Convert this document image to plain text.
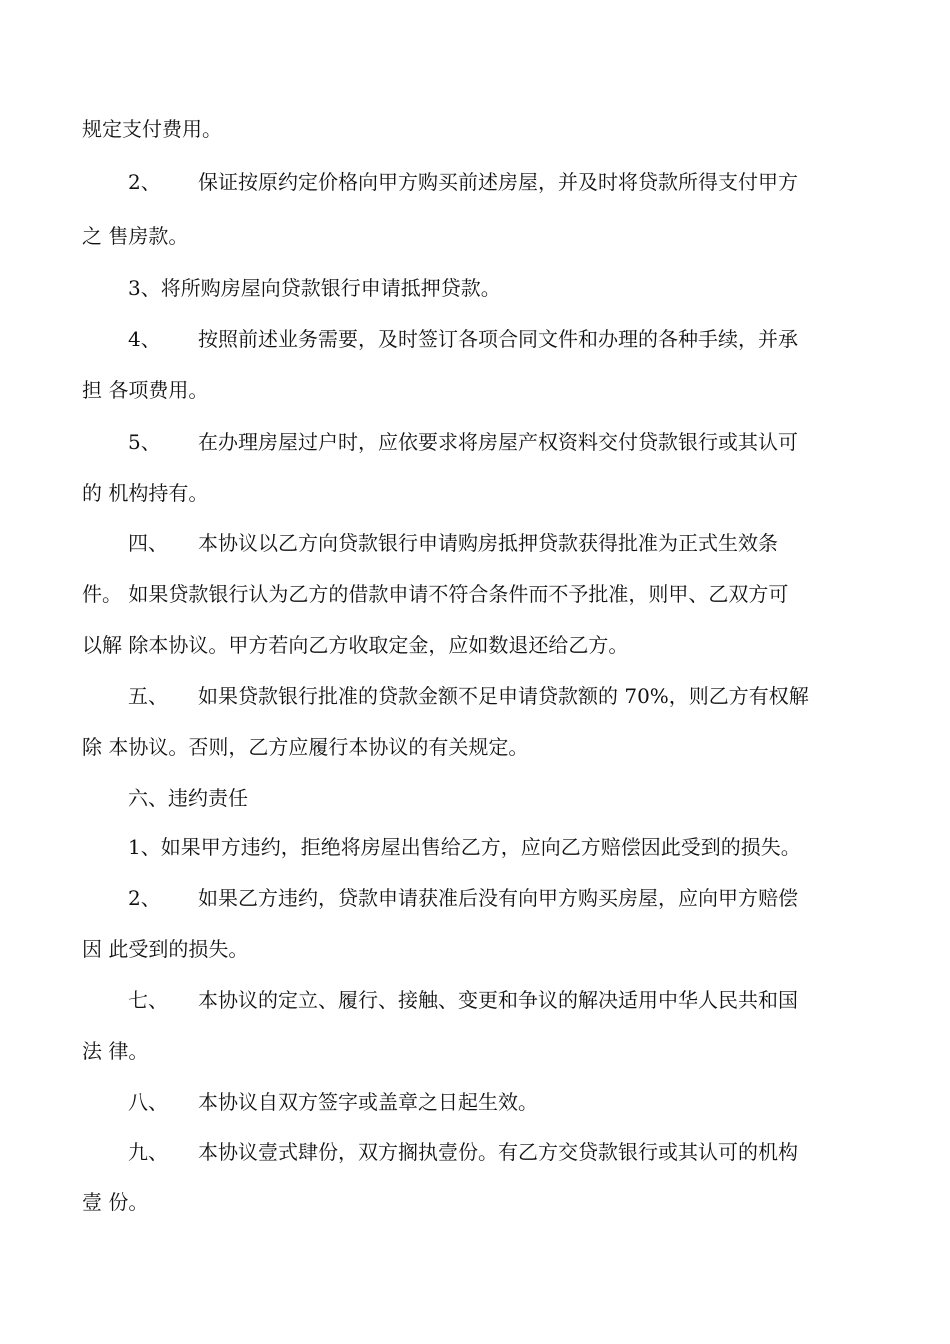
规定支付费用。
2、 保证按原约定价格向甲方购买前述房屋，并及时将贷款所得支付甲方
之 售房款。
3、将所购房屋向贷款银行申请抵押贷款。
4、 按照前述业务需要，及时签订各项合同文件和办理的各种手续，并承
担 各项费用。
5、 在办理房屋过户时，应依要求将房屋产权资料交付贷款银行或其认可
的 机构持有。
四、 本协议以乙方向贷款银行申请购房抵押贷款获得批准为正式生效条
件。 如果贷款银行认为乙方的借款申请不符合条件而不予批准，则甲、乙双方可
以解 除本协议。甲方若向乙方收取定金，应如数退还给乙方。
五、 如果贷款银行批准的贷款金额不足申请贷款额的 70%，则乙方有权解
除 本协议。否则，乙方应履行本协议的有关规定。
六、违约责任
1、如果甲方违约，拒绝将房屋出售给乙方，应向乙方赔偿因此受到的损失。
2、 如果乙方违约，贷款申请获准后没有向甲方购买房屋，应向甲方赔偿
因 此受到的损失。
七、 本协议的定立、履行、接触、变更和争议的解决适用中华人民共和国
法 律。
八、 本协议自双方签字或盖章之日起生效。
九、 本协议壹式肆份，双方搁执壹份。有乙方交贷款银行或其认可的机构
壹 份。
